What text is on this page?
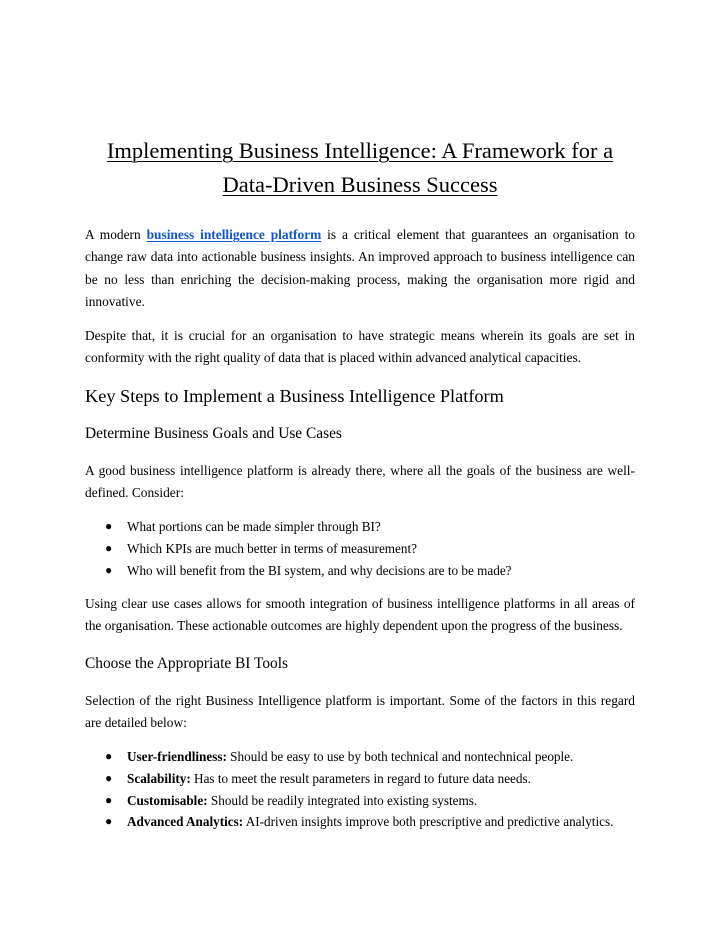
Implementing Business Intelligence: A Framework for a
Data-Driven Business Success

A modern business intelligence platform is a critical element that guarantees an organisation to change raw data into actionable business insights. An improved approach to business intelligence can be no less than enriching the decision-making process, making the organisation more rigid and innovative.

Despite that, it is crucial for an organisation to have strategic means wherein its goals are set in conformity with the right quality of data that is placed within advanced analytical capacities.

Key Steps to Implement a Business Intelligence Platform
Determine Business Goals and Use Cases

A good business intelligence platform is already there, where all the goals of the business are well-defined. Consider:

● What portions can be made simpler through BI?
● Which KPIs are much better in terms of measurement?
● Who will benefit from the BI system, and why decisions are to be made?

Using clear use cases allows for smooth integration of business intelligence platforms in all areas of the organisation. These actionable outcomes are highly dependent upon the progress of the business.

Choose the Appropriate BI Tools

Selection of the right Business Intelligence platform is important. Some of the factors in this regard are detailed below:

● User-friendliness: Should be easy to use by both technical and nontechnical people.
● Scalability: Has to meet the result parameters in regard to future data needs.
● Customisable: Should be readily integrated into existing systems.
● Advanced Analytics: AI-driven insights improve both prescriptive and predictive analytics.
